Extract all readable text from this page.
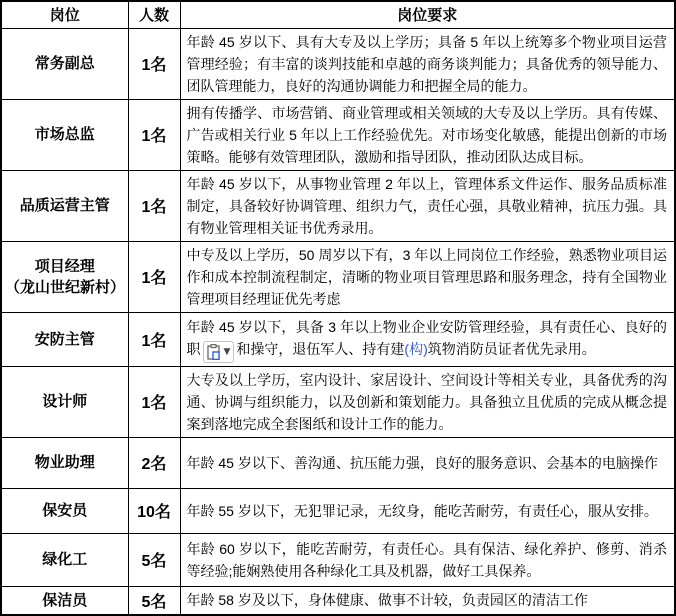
岗位	人数	岗位要求
常务副总	1名	年龄 45 岁以下、具有大专及以上学历；具备 5 年以上统筹多个物业项目运营管理经验；有丰富的谈判技能和卓越的商务谈判能力；具备优秀的领导能力、团队管理能力，良好的沟通协调能力和把握全局的能力。
市场总监	1名	拥有传播学、市场营销、商业管理或相关领域的大专及以上学历。具有传媒、广告或相关行业 5 年以上工作经验优先。对市场变化敏感，能提出创新的市场策略。能够有效管理团队，激励和指导团队，推动团队达成目标。
品质运营主管	1名	年龄 45 岁以下，从事物业管理 2 年以上，管理体系文件运作、服务品质标准制定，具备较好协调管理、组织力气，责任心强，具敬业精神，抗压力强。具有物业管理相关证书优秀录用。
项目经理
（龙山世纪新村）	1名	中专及以上学历，50 周岁以下有，3 年以上同岗位工作经验，熟悉物业项目运作和成本控制流程制定，清晰的物业项目管理思路和服务理念，持有全国物业管理项目经理证优先考虑
安防主管	1名	年龄 45 岁以下，具备 3 年以上物业企业安防管理经验，具有责任心、良好的职 ▼ 和操守，退伍军人、持有建(构)筑物消防员证者优先录用。
设计师	1名	大专及以上学历，室内设计、家居设计、空间设计等相关专业，具备优秀的沟通、协调与组织能力，以及创新和策划能力。具备独立且优质的完成从概念提案到落地完成全套图纸和设计工作的能力。
物业助理	2名	年龄 45 岁以下、善沟通、抗压能力强，良好的服务意识、会基本的电脑操作
保安员	10名	年龄 55 岁以下，无犯罪记录，无纹身，能吃苦耐劳，有责任心，服从安排。
绿化工	5名	年龄 60 岁以下，能吃苦耐劳，有责任心。具有保洁、绿化养护、修剪、消杀等经验;能娴熟使用各种绿化工具及机器，做好工具保养。
保洁员	5名	年龄 58 岁及以下，身体健康、做事不计较，负责园区的清洁工作
